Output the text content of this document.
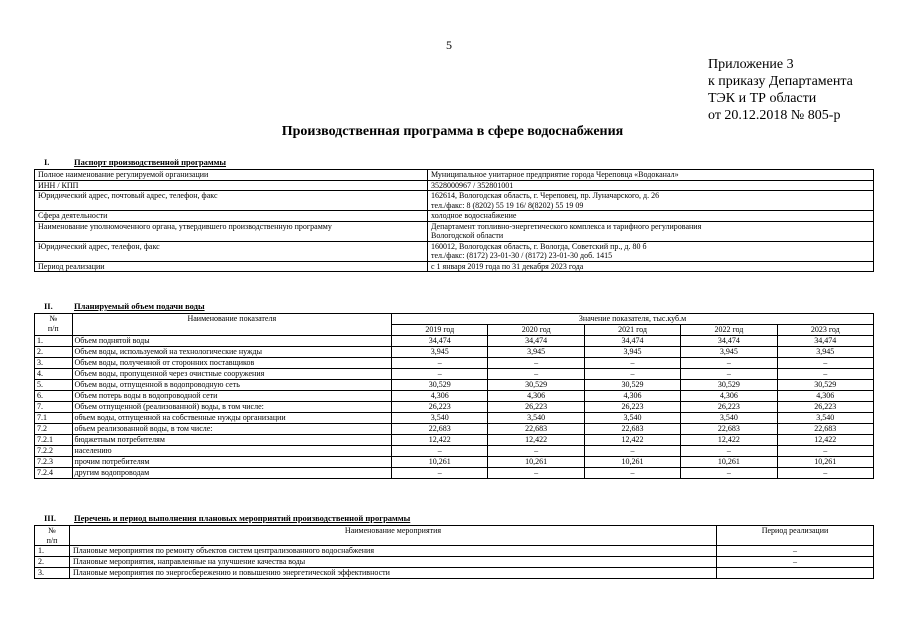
5
Приложение 3
к приказу Департамента
ТЭК и ТР области
от 20.12.2018 № 805-р
Производственная программа в сфере водоснабжения
I.	Паспорт производственной программы
Полное наименование регулируемой организации	Муниципальное унитарное предприятие города Череповца «Водоканал»

ИНН / КПП	3528000967 / 352801001

Юридический адрес, почтовый адрес, телефон, факс	162614, Вологодская область, г. Череповец, пр. Луначарского, д. 26
тел./факс: 8 (8202) 55 19 16/ 8(8202) 55 19 09

Сфера деятельности	холодное водоснабжение

Наименование уполномоченного органа, утвердившего производственную программу	Департамент топливно-энергетического комплекса и тарифного регулирования
Вологодской области

Юридический адрес, телефон, факс	160012, Вологодская область, г. Вологда, Советский пр., д. 80 б
тел./факс: (8172) 23-01-30 / (8172) 23-01-30 доб. 1415

Период реализации	с 1 января 2019 года по 31 декабря 2023 года
II.	Планируемый объем подачи воды
№
п/п	Наименование показателя	Значение показателя, тыс.куб.м				
		2019 год	2020 год	2021 год	2022 год	2023 год
1.	Объем поднятой воды	34,474	34,474	34,474	34,474	34,474
2.	Объем воды, используемой на технологические нужды	3,945	3,945	3,945	3,945	3,945
3.	Объем воды, полученной от сторонних поставщиков	–	–	–	–	–
4.	Объем воды, пропущенной через очистные сооружения	–	–	–	–	–
5.	Объем воды, отпущенной в водопроводную сеть	30,529	30,529	30,529	30,529	30,529
6.	Объем потерь воды в водопроводной сети	4,306	4,306	4,306	4,306	4,306
7.	Объем отпущенной (реализованной) воды, в том числе:	26,223	26,223	26,223	26,223	26,223
7.1	объем воды, отпущенной на собственные нужды организации	3,540	3,540	3,540	3,540	3,540
7.2	объем реализованной воды, в том числе:	22,683	22,683	22,683	22,683	22,683
7.2.1	бюджетным потребителям	12,422	12,422	12,422	12,422	12,422
7.2.2	населению	–	–	–	–	–
7.2.3	прочим потребителям	10,261	10,261	10,261	10,261	10,261
7.2.4	другим водопроводам	–	–	–	–	–
III. Перечень и период выполнения плановых мероприятий производственной программы
№
п/п	Наименование мероприятия	Период реализации
1.	Плановые мероприятия по ремонту объектов систем централизованного водоснабжения	–
2.	Плановые мероприятия, направленные на улучшение качества воды	–
3.	Плановые мероприятия по энергосбережению и повышению энергетической эффективности	
